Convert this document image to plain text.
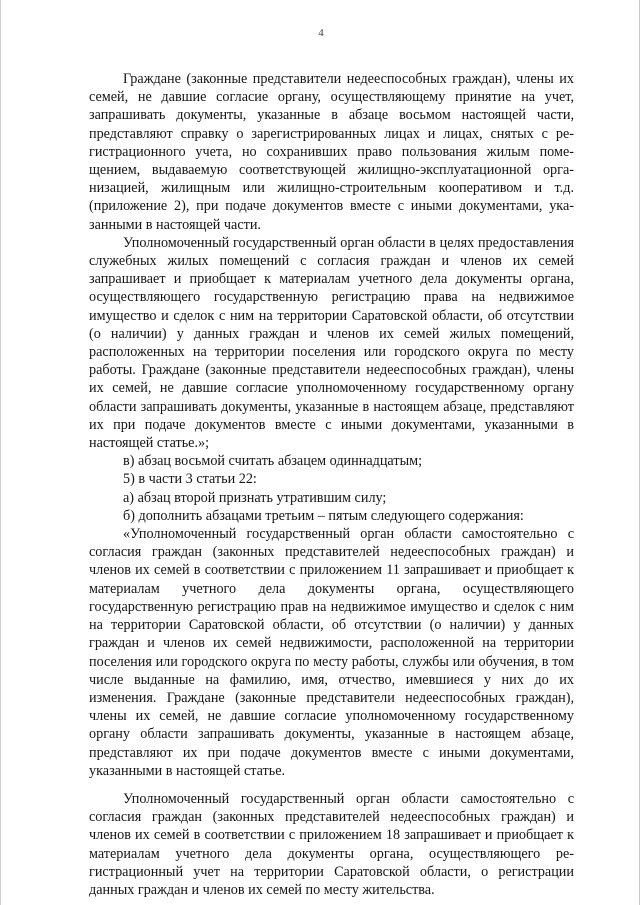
4

Граждане (законные представители недееспособных граждан), члены их семей, не давшие согласие органу, осуществляющему принятие на учет, запрашивать документы, указанные в абзаце восьмом настоящей части, представляют справку о зарегистрированных лицах и лицах, снятых с регистрационного учета, но сохранивших право пользования жилым помещением, выдаваемую соответствующей жилищно-эксплуатационной организацией, жилищным или жилищно-строительным кооперативом и т.д. (приложение 2), при подаче документов вместе с иными документами, указанными в настоящей части.

Уполномоченный государственный орган области в целях предоставления служебных жилых помещений с согласия граждан и членов их семей запрашивает и приобщает к материалам учетного дела документы органа, осуществляющего государственную регистрацию права на недвижимое имущество и сделок с ним на территории Саратовской области, об отсутствии (о наличии) у данных граждан и членов их семей жилых помещений, расположенных на территории поселения или городского округа по месту работы. Граждане (законные представители недееспособных граждан), члены их семей, не давшие согласие уполномоченному государственному органу области запрашивать документы, указанные в настоящем абзаце, представляют их при подаче документов вместе с иными документами, указанными в настоящей статье.»;

в) абзац восьмой считать абзацем одиннадцатым;

5) в части 3 статьи 22:

а) абзац второй признать утратившим силу;

б) дополнить абзацами третьим – пятым следующего содержания:

«Уполномоченный государственный орган области самостоятельно с согласия граждан (законных представителей недееспособных граждан) и членов их семей в соответствии с приложением 11 запрашивает и приобщает к материалам учетного дела документы органа, осуществляющего государственную регистрацию прав на недвижимое имущество и сделок с ним на территории Саратовской области, об отсутствии (о наличии) у данных граждан и членов их семей недвижимости, расположенной на территории поселения или городского округа по месту работы, службы или обучения, в том числе выданные на фамилию, имя, отчество, имевшиеся у них до их изменения. Граждане (законные представители недееспособных граждан), члены их семей, не давшие согласие уполномоченному государственному органу области запрашивать документы, указанные в настоящем абзаце, представляют их при подаче документов вместе с иными документами, указанными в настоящей статье.

Уполномоченный государственный орган области самостоятельно с согласия граждан (законных представителей недееспособных граждан) и членов их семей в соответствии с приложением 18 запрашивает и приобщает к материалам учетного дела документы органа, осуществляющего регистрационный учет на территории Саратовской области, о регистрации данных граждан и членов их семей по месту жительства.
